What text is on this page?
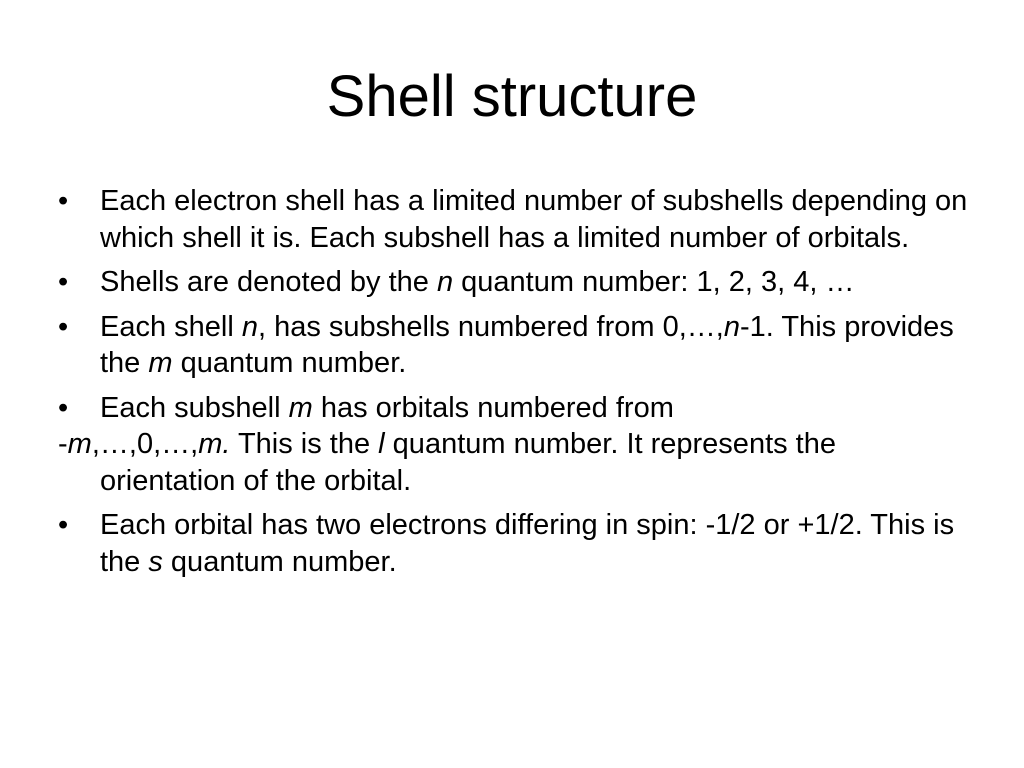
Shell structure
•	Each electron shell has a limited number of subshells depending on which shell it is. Each subshell has a limited number of orbitals.
•	Shells are denoted by the n quantum number: 1, 2, 3, 4, …
•	Each shell n, has subshells numbered from 0,…,n-1. This provides the m quantum number.
•	Each subshell m has orbitals numbered from
-m,…,0,…,m. This is the l quantum number. It represents the orientation of the orbital.
•	Each orbital has two electrons differing in spin: -1/2 or +1/2. This is the s quantum number.
